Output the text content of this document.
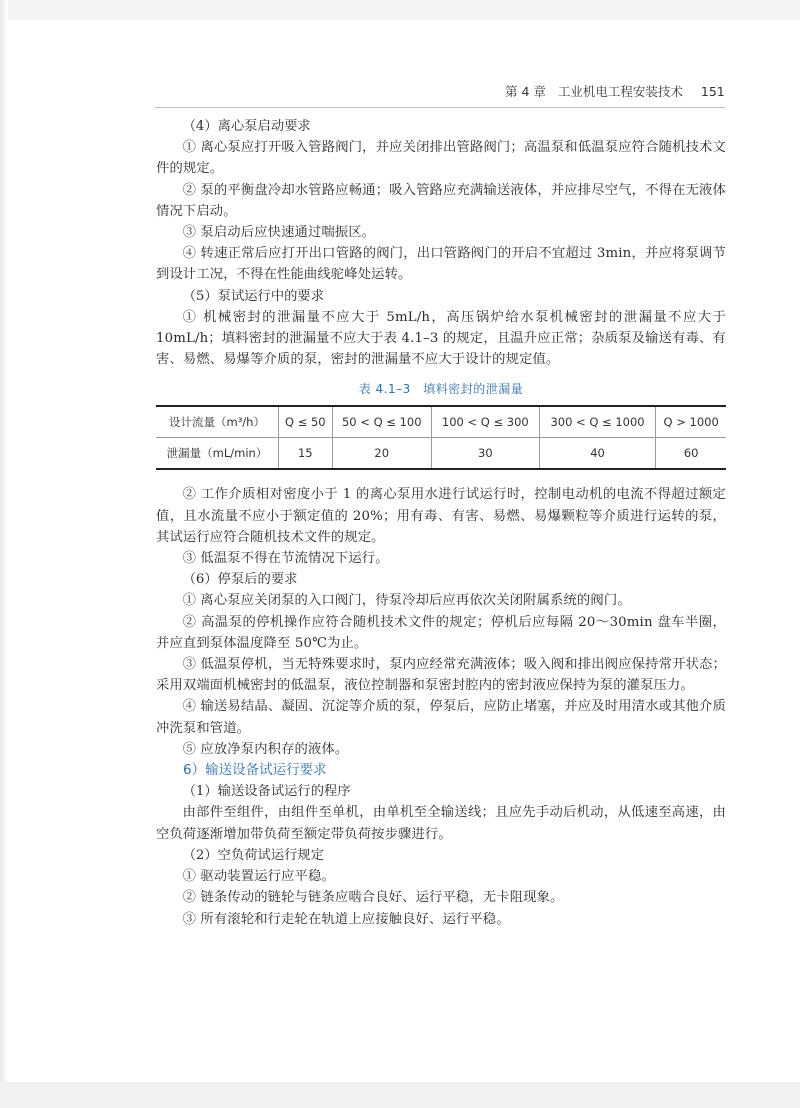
第 4 章 工业机电工程安装技术 151

（4）离心泵启动要求

① 离心泵应打开吸入管路阀门，并应关闭排出管路阀门；高温泵和低温泵应符合随机技术文件的规定。

② 泵的平衡盘冷却水管路应畅通；吸入管路应充满输送液体，并应排尽空气，不得在无液体情况下启动。

③ 泵启动后应快速通过喘振区。

④ 转速正常后应打开出口管路的阀门，出口管路阀门的开启不宜超过 3min，并应将泵调节到设计工况，不得在性能曲线驼峰处运转。

（5）泵试运行中的要求

① 机械密封的泄漏量不应大于 5mL/h，高压锅炉给水泵机械密封的泄漏量不应大于 10mL/h；填料密封的泄漏量不应大于表 4.1–3 的规定，且温升应正常；杂质泵及输送有毒、有害、易燃、易爆等介质的泵，密封的泄漏量不应大于设计的规定值。

表 4.1–3　填料密封的泄漏量
设计流量（m³/h）	Q ≤ 50	50 < Q ≤ 100	100 < Q ≤ 300	300 < Q ≤ 1000	Q > 1000
泄漏量（mL/min）	15	20	30	40	60

② 工作介质相对密度小于 1 的离心泵用水进行试运行时，控制电动机的电流不得超过额定值，且水流量不应小于额定值的 20%；用有毒、有害、易燃、易爆颗粒等介质进行运转的泵，其试运行应符合随机技术文件的规定。

③ 低温泵不得在节流情况下运行。

（6）停泵后的要求

① 离心泵应关闭泵的入口阀门，待泵冷却后应再依次关闭附属系统的阀门。

② 高温泵的停机操作应符合随机技术文件的规定；停机后应每隔 20～30min 盘车半圈，并应直到泵体温度降至 50℃为止。

③ 低温泵停机，当无特殊要求时，泵内应经常充满液体；吸入阀和排出阀应保持常开状态；采用双端面机械密封的低温泵，液位控制器和泵密封腔内的密封液应保持为泵的灌泵压力。

④ 输送易结晶、凝固、沉淀等介质的泵，停泵后，应防止堵塞，并应及时用清水或其他介质冲洗泵和管道。

⑤ 应放净泵内积存的液体。

6）输送设备试运行要求

（1）输送设备试运行的程序

由部件至组件，由组件至单机，由单机至全输送线；且应先手动后机动，从低速至高速，由空负荷逐渐增加带负荷至额定带负荷按步骤进行。

（2）空负荷试运行规定

① 驱动装置运行应平稳。

② 链条传动的链轮与链条应啮合良好、运行平稳，无卡阻现象。

③ 所有滚轮和行走轮在轨道上应接触良好、运行平稳。
